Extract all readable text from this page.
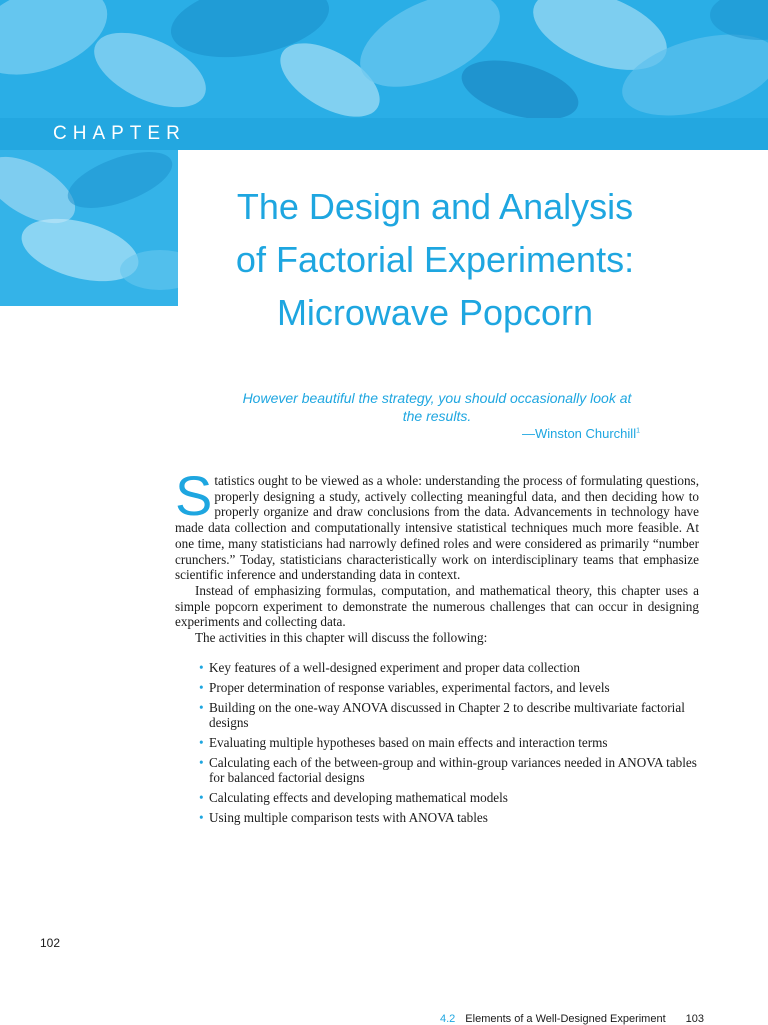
CHAPTER
The Design and Analysis
of Factorial Experiments:
Microwave Popcorn
However beautiful the strategy, you should occasionally look at the results.
—Winston Churchill$^1$

Statistics ought to be viewed as a whole: understanding the process of formulating questions, properly designing a study, actively collecting meaningful data, and then deciding how to properly organize and draw conclusions from the data. Advancements in technology have made data collection and computationally intensive statistical techniques much more feasible. At one time, many statisticians had narrowly defined roles and were considered as primarily “number crunchers.” Today, statisticians characteristically work on interdisciplinary teams that emphasize scientific inference and understanding data in context.

Instead of emphasizing formulas, computation, and mathematical theory, this chapter uses a simple popcorn experiment to demonstrate the numerous challenges that can occur in designing experiments and collecting data.

The activities in this chapter will discuss the following:

• Key features of a well-designed experiment and proper data collection
• Proper determination of response variables, experimental factors, and levels
• Building on the one-way ANOVA discussed in Chapter 2 to describe multivariate factorial designs
• Evaluating multiple hypotheses based on main effects and interaction terms
• Calculating each of the between-group and within-group variances needed in ANOVA tables for balanced factorial designs
• Calculating effects and developing mathematical models
• Using multiple comparison tests with ANOVA tables
102
4.2 Elements of a Well-Designed Experiment 103
